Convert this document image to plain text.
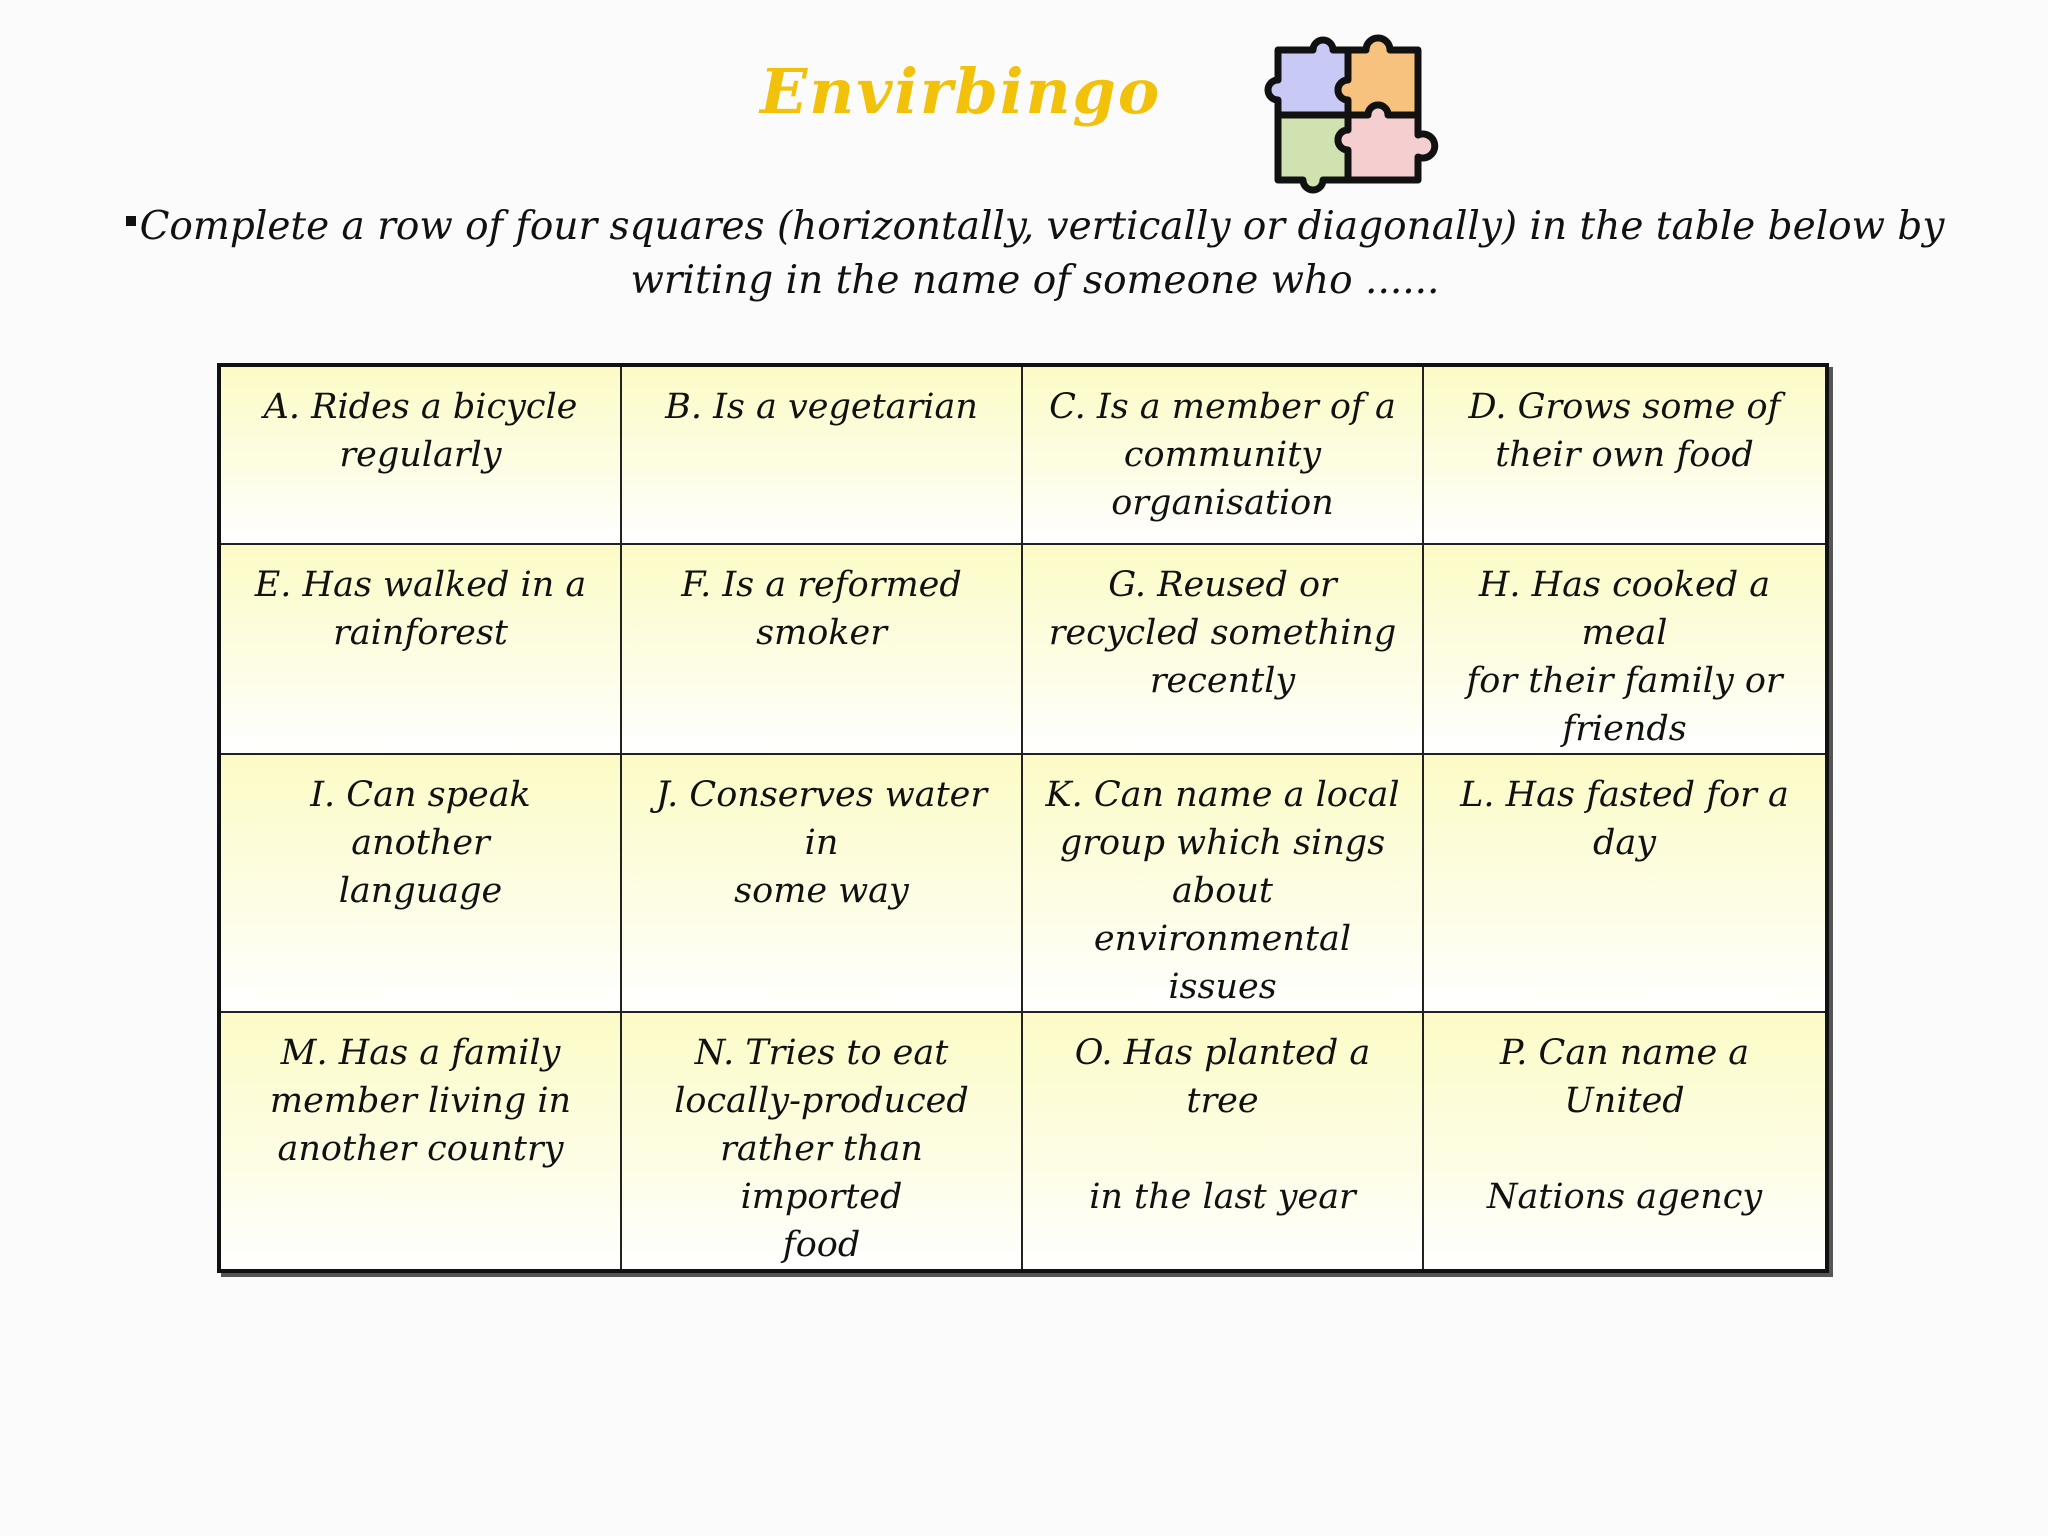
Envirbingo

Complete a row of four squares (horizontally, vertically or diagonally) in the table below by writing in the name of someone who ......

A. Rides a bicycle
regularly
B. Is a vegetarian	C. Is a member of a
community organisation
D. Grows some of
their own food
E. Has walked in a
rainforest
F. Is a reformed
smoker
G. Reused or
recycled something
recently
H. Has cooked a meal
for their family or
friends
I. Can speak another
language
J. Conserves water in
some way
K. Can name a local
group which sings about
environmental issues
L. Has fasted for a day
M. Has a family
member living in
another country
N. Tries to eat
locally-produced
rather than imported
food
O. Has planted a tree

in the last year
P. Can name a United

Nations agency
